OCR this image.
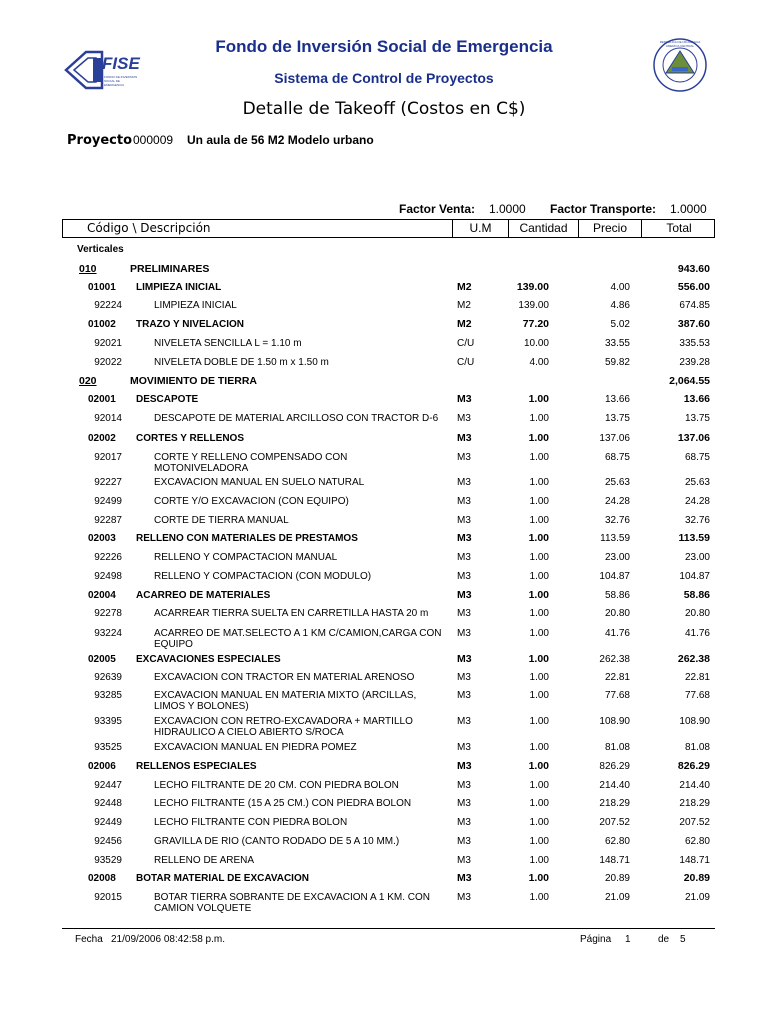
FISE
FONDO DE INVERSION SOCIAL DE EMERGENCIA
REPUBLICA DE NICARAGUA AMERICA CENTRAL
Fondo de Inversión Social de Emergencia
Sistema de Control de Proyectos
Detalle de Takeoff (Costos en C$)
Proyecto 000009 Un aula de 56 M2 Modelo urbano
Factor Venta: 1.0000 Factor Transporte: 1.0000
Código \ Descripción	U.M	Cantidad	Precio	Total
Verticales
010	PRELIMINARES	943.60
01001 LIMPIEZA INICIAL	M2	139.00	4.00	556.00
92224	LIMPIEZA INICIAL	M2	139.00	4.86	674.85
01002 TRAZO Y NIVELACION	M2	77.20	5.02	387.60
92021	NIVELETA SENCILLA L = 1.10 m	C/U	10.00	33.55	335.53
92022	NIVELETA DOBLE DE 1.50 m x 1.50 m	C/U	4.00	59.82	239.28
020	MOVIMIENTO DE TIERRA	2,064.55
02001 DESCAPOTE	M3	1.00	13.66	13.66
92014	DESCAPOTE DE MATERIAL ARCILLOSO CON TRACTOR D-6	M3	1.00	13.75	13.75
02002 CORTES Y RELLENOS	M3	1.00	137.06	137.06
92017	CORTE Y RELLENO COMPENSADO CON MOTONIVELADORA
M3	1.00	68.75	68.75
92227	EXCAVACION MANUAL EN SUELO NATURAL	M3	1.00	25.63	25.63
92499	CORTE Y/O EXCAVACION (CON EQUIPO)	M3	1.00	24.28	24.28
92287	CORTE DE TIERRA MANUAL	M3	1.00	32.76	32.76
02003 RELLENO CON MATERIALES DE PRESTAMOS	M3	1.00	113.59	113.59
92226	RELLENO Y COMPACTACION MANUAL	M3	1.00	23.00	23.00
92498	RELLENO Y COMPACTACION (CON MODULO)	M3	1.00	104.87	104.87
02004 ACARREO DE MATERIALES	M3	1.00	58.86	58.86
92278	ACARREAR TIERRA SUELTA EN CARRETILLA HASTA 20 m	M3	1.00	20.80	20.80
93224	ACARREO DE MAT.SELECTO A 1 KM C/CAMION,CARGA CON EQUIPO
M3	1.00	41.76	41.76
02005 EXCAVACIONES ESPECIALES	M3	1.00	262.38	262.38
92639	EXCAVACION CON TRACTOR EN MATERIAL ARENOSO	M3	1.00	22.81	22.81
93285	EXCAVACION MANUAL EN MATERIA MIXTO (ARCILLAS, LIMOS Y BOLONES)
M3	1.00	77.68	77.68
93395	EXCAVACION CON RETRO-EXCAVADORA + MARTILLO HIDRAULICO A CIELO ABIERTO S/ROCA
M3	1.00	108.90	108.90
93525	EXCAVACION MANUAL EN PIEDRA POMEZ	M3	1.00	81.08	81.08
02006 RELLENOS ESPECIALES	M3	1.00	826.29	826.29
92447	LECHO FILTRANTE DE 20 CM. CON PIEDRA BOLON	M3	1.00	214.40	214.40
92448	LECHO FILTRANTE (15 A 25 CM.) CON PIEDRA BOLON	M3	1.00	218.29	218.29
92449	LECHO FILTRANTE CON PIEDRA BOLON	M3	1.00	207.52	207.52
92456	GRAVILLA DE RIO (CANTO RODADO DE 5 A 10 MM.)	M3	1.00	62.80	62.80
93529	RELLENO DE ARENA	M3	1.00	148.71	148.71
02008 BOTAR MATERIAL DE EXCAVACION	M3	1.00	20.89	20.89
92015	BOTAR TIERRA SOBRANTE DE EXCAVACION A 1 KM. CON CAMION VOLQUETE
M3	1.00	21.09	21.09
Fecha 21/09/2006 08:42:58 p.m.	Página 1	de 5
